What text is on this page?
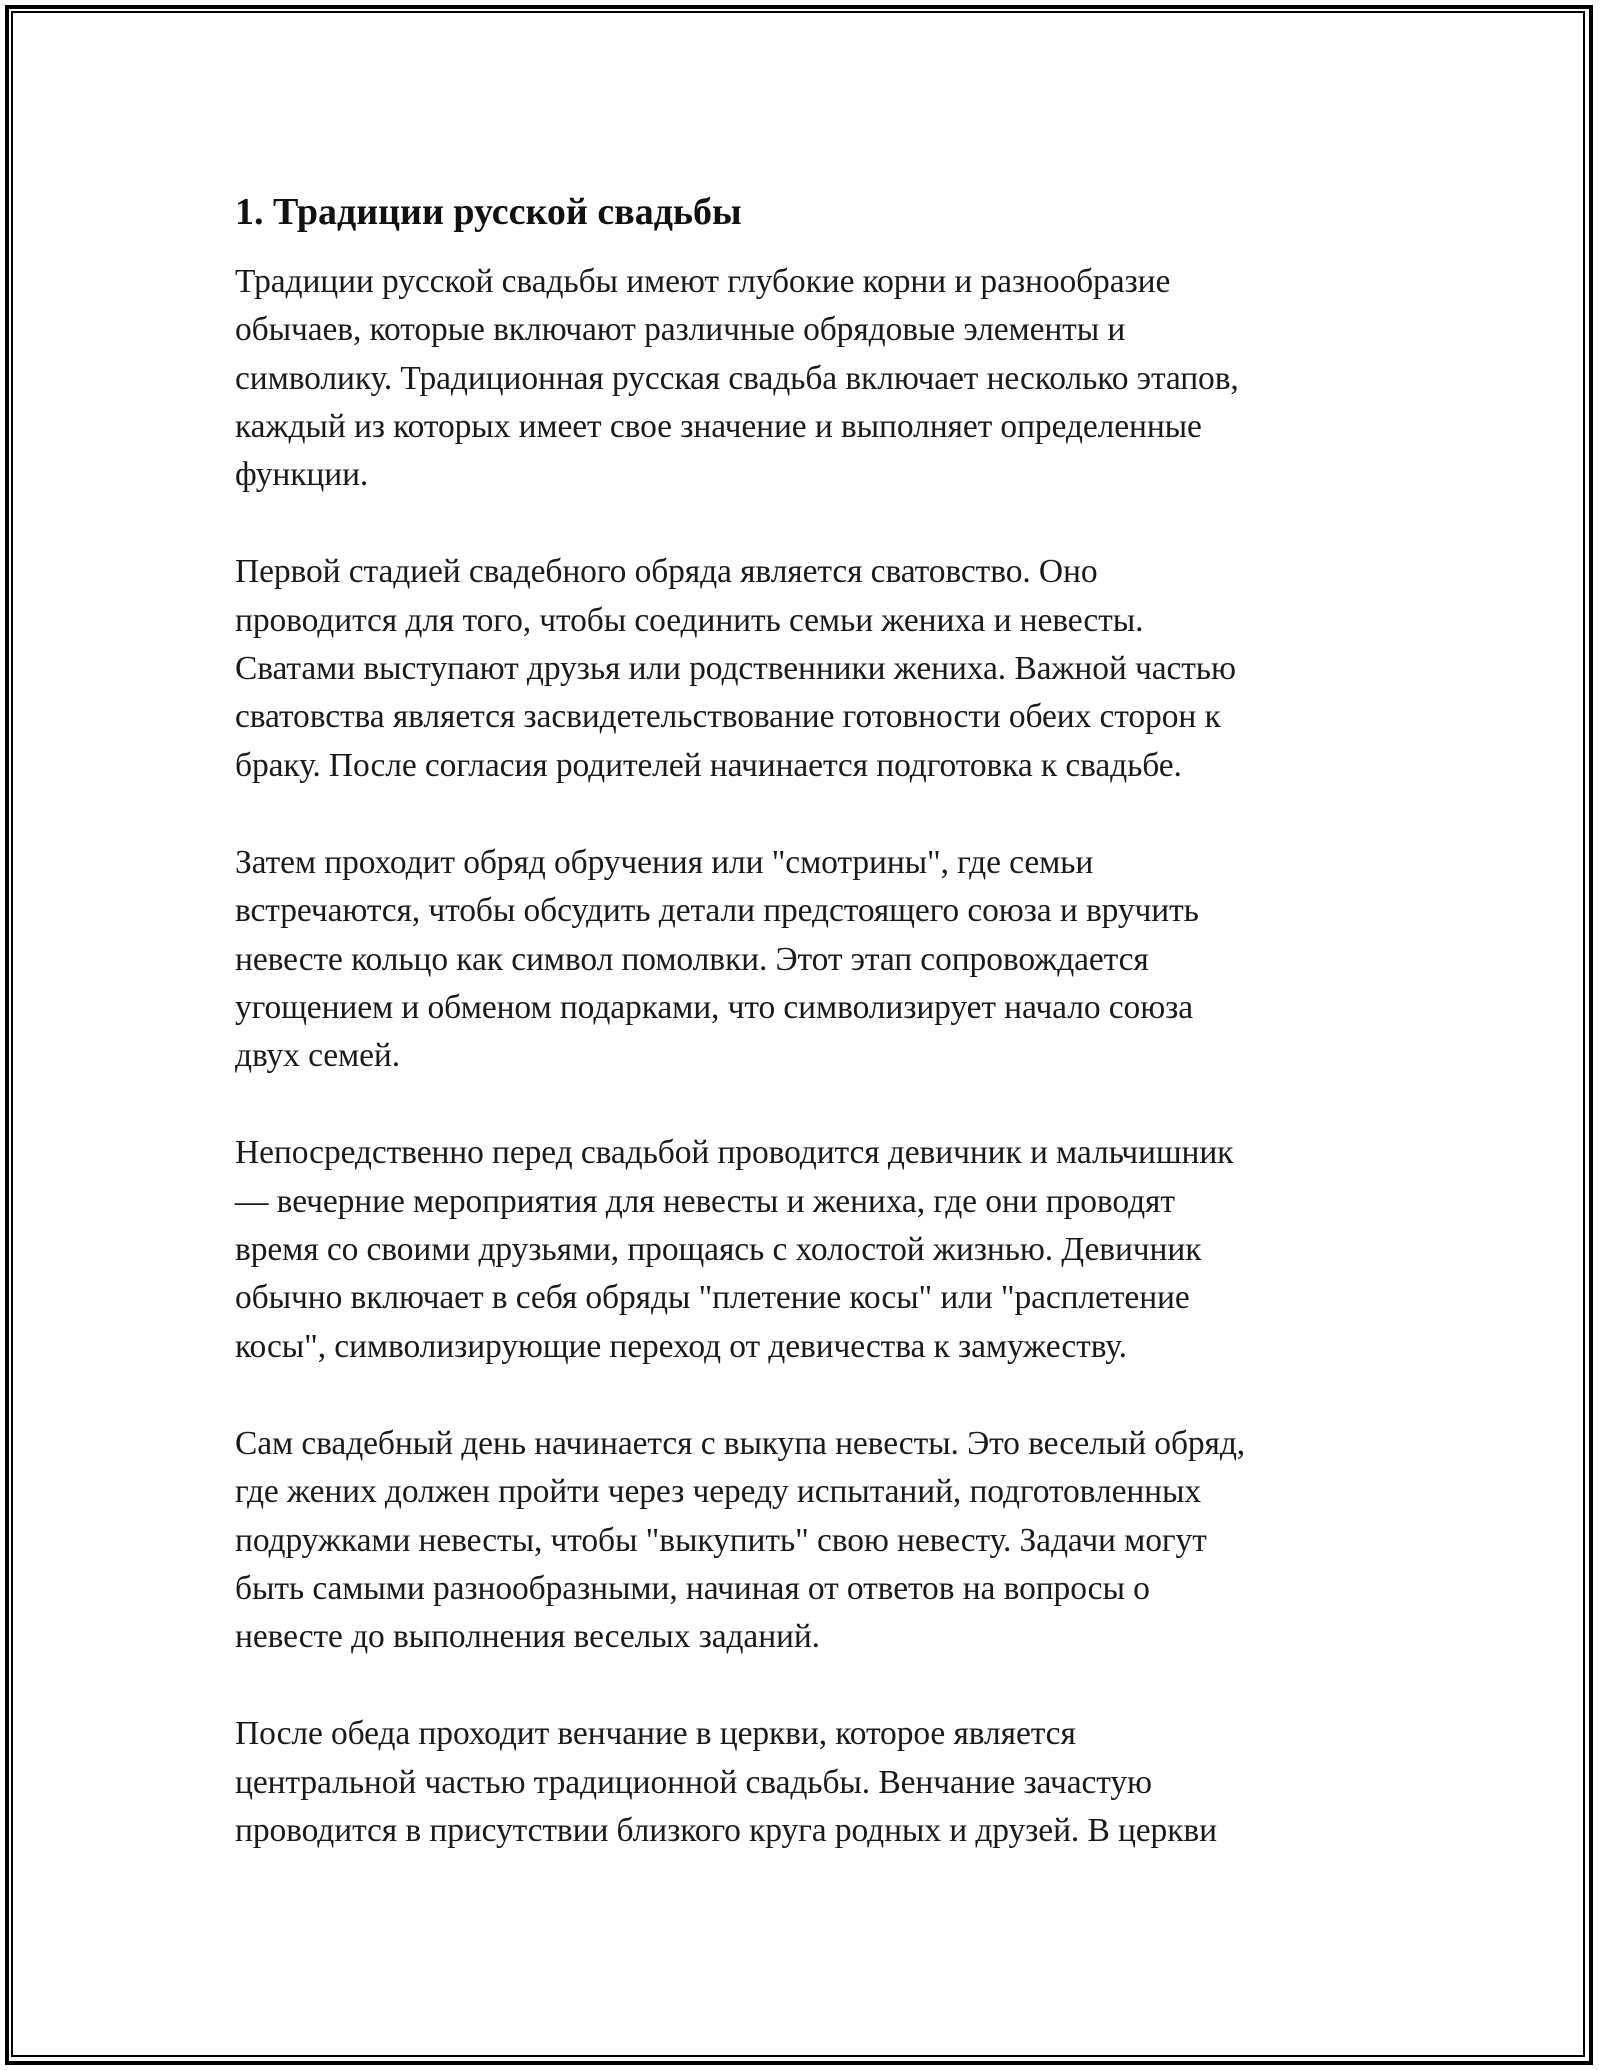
1. Традиции русской свадьбы

Традиции русской свадьбы имеют глубокие корни и разнообразие
обычаев, которые включают различные обрядовые элементы и
символику. Традиционная русская свадьба включает несколько этапов,
каждый из которых имеет свое значение и выполняет определенные
функции.

Первой стадией свадебного обряда является сватовство. Оно
проводится для того, чтобы соединить семьи жениха и невесты.
Сватами выступают друзья или родственники жениха. Важной частью
сватовства является засвидетельствование готовности обеих сторон к
браку. После согласия родителей начинается подготовка к свадьбе.

Затем проходит обряд обручения или "смотрины", где семьи
встречаются, чтобы обсудить детали предстоящего союза и вручить
невесте кольцо как символ помолвки. Этот этап сопровождается
угощением и обменом подарками, что символизирует начало союза
двух семей.

Непосредственно перед свадьбой проводится девичник и мальчишник
— вечерние мероприятия для невесты и жениха, где они проводят
время со своими друзьями, прощаясь с холостой жизнью. Девичник
обычно включает в себя обряды "плетение косы" или "расплетение
косы", символизирующие переход от девичества к замужеству.

Сам свадебный день начинается с выкупа невесты. Это веселый обряд,
где жених должен пройти через череду испытаний, подготовленных
подружками невесты, чтобы "выкупить" свою невесту. Задачи могут
быть самыми разнообразными, начиная от ответов на вопросы о
невесте до выполнения веселых заданий.

После обеда проходит венчание в церкви, которое является
центральной частью традиционной свадьбы. Венчание зачастую
проводится в присутствии близкого круга родных и друзей. В церкви
